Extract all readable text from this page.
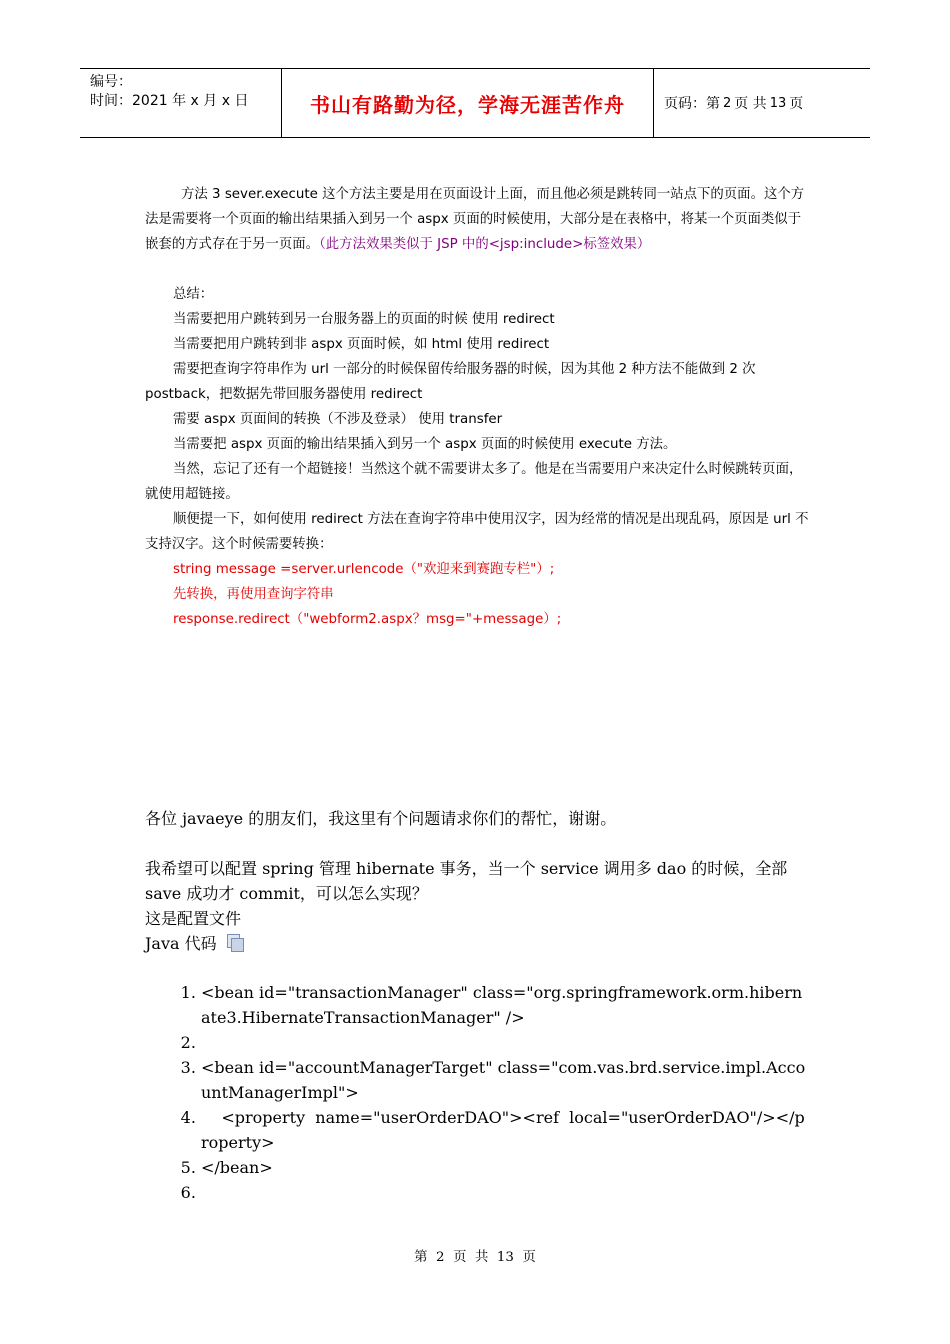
编号：
时间：2021 年 x 月 x 日	书山有路勤为径，学海无涯苦作舟	页码：第 2 页 共 13 页

方法 3 sever.execute 这个方法主要是用在页面设计上面，而且他必须是跳转同一站点下的页面。这个方法是需要将一个页面的输出结果插入到另一个 aspx 页面的时候使用，大部分是在表格中，将某一个页面类似于嵌套的方式存在于另一页面。（此方法效果类似于 JSP 中的<jsp:include>标签效果）

总结：

当需要把用户跳转到另一台服务器上的页面的时候 使用 redirect

当需要把用户跳转到非 aspx 页面时候，如 html 使用 redirect

需要把查询字符串作为 url 一部分的时候保留传给服务器的时候，因为其他 2 种方法不能做到 2 次 postback，把数据先带回服务器使用 redirect

需要 aspx 页面间的转换（不涉及登录） 使用 transfer

当需要把 aspx 页面的输出结果插入到另一个 aspx 页面的时候使用 execute 方法。

当然，忘记了还有一个超链接！当然这个就不需要讲太多了。他是在当需要用户来决定什么时候跳转页面，就使用超链接。

顺便提一下，如何使用 redirect 方法在查询字符串中使用汉字，因为经常的情况是出现乱码，原因是 url 不支持汉字。这个时候需要转换：

string message =server.urlencode（"欢迎来到赛跑专栏"）;

先转换，再使用查询字符串

response.redirect（"webform2.aspx？msg="+message）;

各位 javaeye 的朋友们，我这里有个问题请求你们的帮忙，谢谢。
我希望可以配置 spring 管理 hibernate 事务，当一个 service 调用多 dao 的时候，全部 save 成功才 commit，可以怎么实现？
这是配置文件
Java 代码
1. <bean id="transactionManager" class="org.springframework.orm.hibernate3.HibernateTransactionManager" />
2.
3. <bean id="accountManagerTarget" class="com.vas.brd.service.impl.AccountManagerImpl">
4.     <property  name="userOrderDAO"><ref  local="userOrderDAO"/></property>
5. </bean>
6.
第  2  页  共  13  页
